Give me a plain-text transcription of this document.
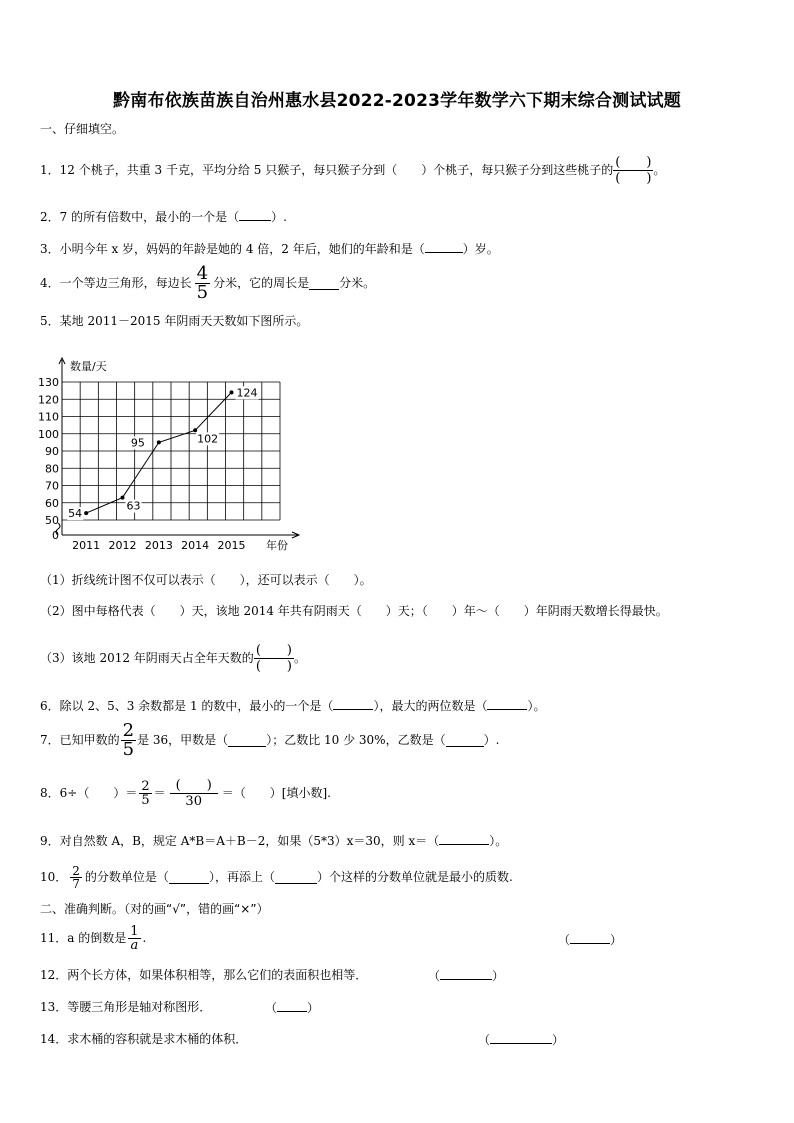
黔南布依族苗族自治州惠水县2022-2023学年数学六下期末综合测试试题
一、仔细填空。
1．12 个桃子，共重 3 千克，平均分给 5 只猴子，每只猴子分到（　　）个桃子，每只猴子分到这些桃子的 $\frac{( )}{( )}$ 。
2．7 的所有倍数中，最小的一个是（	）.
3．小明今年 x 岁，妈妈的年龄是她的 4 倍，2 年后，她们的年龄和是（	）岁。
4．一个等边三角形，每边长 $\frac{4}{5}$ 分米，它的周长是	分米。
5．某地 2011－2015 年阴雨天天数如下图所示。
0
50
60
70
80
90
100
110
120
130
数量/天
年份
2011 2012 2013 2014 2015
54
63
95	102
124
（1）折线统计图不仅可以表示（　　），还可以表示（　　）。
（2）图中每格代表（　　）天，该地 2014 年共有阴雨天（　　）天；（　　）年～（　　）年阴雨天数增长得最快。
（3）该地 2012 年阴雨天占全年天数的 $\frac{( )}{( )}$ 。
6．除以 2、5、3 余数都是 1 的数中，最小的一个是（	），最大的两位数是（	）。
7．已知甲数的 $\frac{2}{5}$ 是 36，甲数是（	）；乙数比 10 少 30%，乙数是（	）.
8．6÷（　　）＝ $\frac{2}{5} = \frac{( )}{30}$ ＝（　　）[填小数].
9．对自然数 A，B，规定 A*B＝A＋B－2，如果（5*3）x＝30，则 x＝（	）。
10． $\frac{2}{7}$ 的分数单位是（	），再添上（	）个这样的分数单位就是最小的质数.
二、准确判断。（对的画“√”，错的画“×”）
11．a 的倒数是 $\frac{1}{a}$ .	（	）
12．两个长方体，如果体积相等，那么它们的表面积也相等．	（	）
13．等腰三角形是轴对称图形．	（	）
14．求木桶的容积就是求木桶的体积．	（	）
